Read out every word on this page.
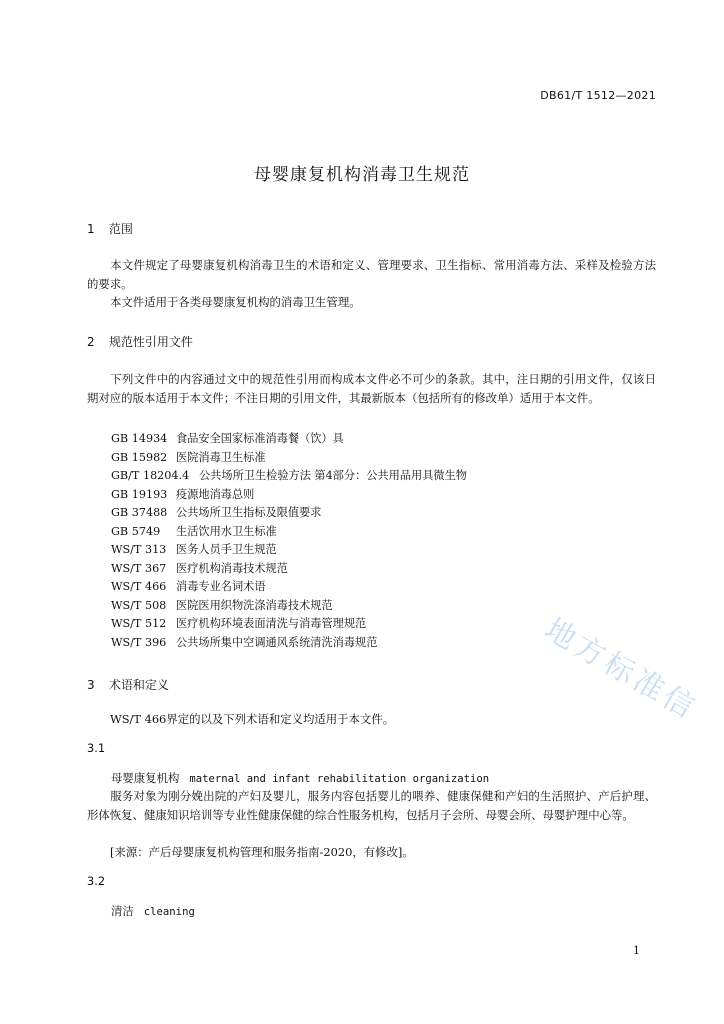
DB61/T 1512—2021
母婴康复机构消毒卫生规范
1 范围
本文件规定了母婴康复机构消毒卫生的术语和定义、管理要求、卫生指标、常用消毒方法、采样及检验方法的要求。
本文件适用于各类母婴康复机构的消毒卫生管理。
2 规范性引用文件
下列文件中的内容通过文中的规范性引用而构成本文件必不可少的条款。其中，注日期的引用文件，仅该日期对应的版本适用于本文件；不注日期的引用文件，其最新版本（包括所有的修改单）适用于本文件。
GB 14934 食品安全国家标准消毒餐（饮）具
GB 15982 医院消毒卫生标准
GB/T 18204.4 公共场所卫生检验方法 第4部分：公共用品用具微生物
GB 19193 疫源地消毒总则
GB 37488 公共场所卫生指标及限值要求
GB 5749 生活饮用水卫生标准
WS/T 313 医务人员手卫生规范
WS/T 367 医疗机构消毒技术规范
WS/T 466 消毒专业名词术语
WS/T 508 医院医用织物洗涤消毒技术规范
WS/T 512 医疗机构环境表面清洗与消毒管理规范
WS/T 396 公共场所集中空调通风系统清洗消毒规范
3 术语和定义
WS/T 466界定的以及下列术语和定义均适用于本文件。
3.1
母婴康复机构 maternal and infant rehabilitation organization
服务对象为刚分娩出院的产妇及婴儿，服务内容包括婴儿的喂养、健康保健和产妇的生活照护、产后护理、形体恢复、健康知识培训等专业性健康保健的综合性服务机构，包括月子会所、母婴会所、母婴护理中心等。
[来源：产后母婴康复机构管理和服务指南-2020，有修改]。
3.2
清洁 cleaning
地方标准信
1
